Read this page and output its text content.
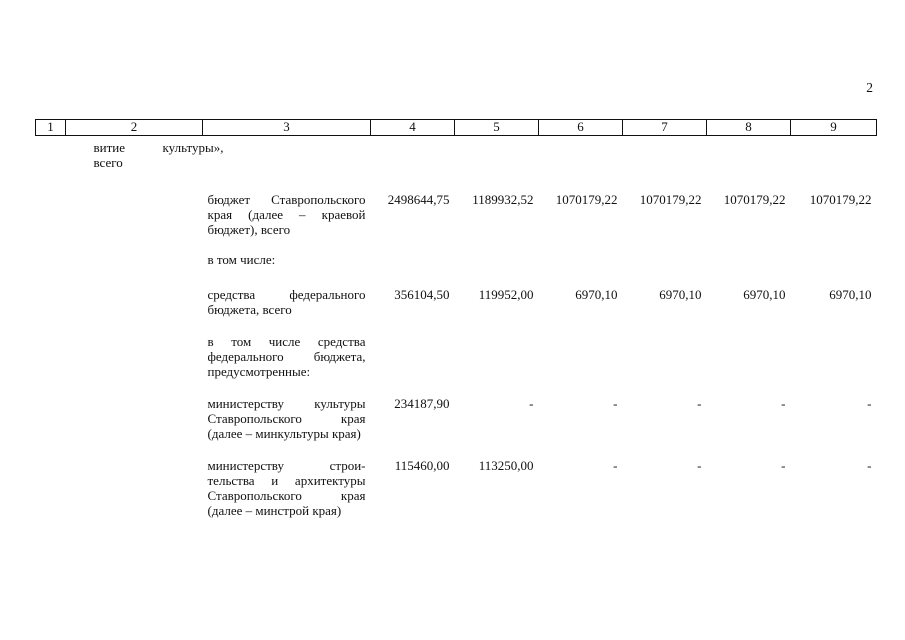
2
1	2	3	4	5	6	7	8	9

	витие культуры»,
всего							

		бюджет Ставропольского края (далее – краевой бюджет), всего	2498644,75	1189932,52	1070179,22	1070179,22	1070179,22	1070179,22

		в том числе:						

		средства федерального бюджета, всего	356104,50	119952,00	6970,10	6970,10	6970,10	6970,10

		в том числе средства федерального бюджета, предусмотренные:						

		министерству культуры Ставропольского края (далее – минкультуры края)	234187,90	-	-	-	-	-

		министерству строительства и архитектуры Ставропольского края (далее – минстрой края)	115460,00	113250,00	-	-	-	-
